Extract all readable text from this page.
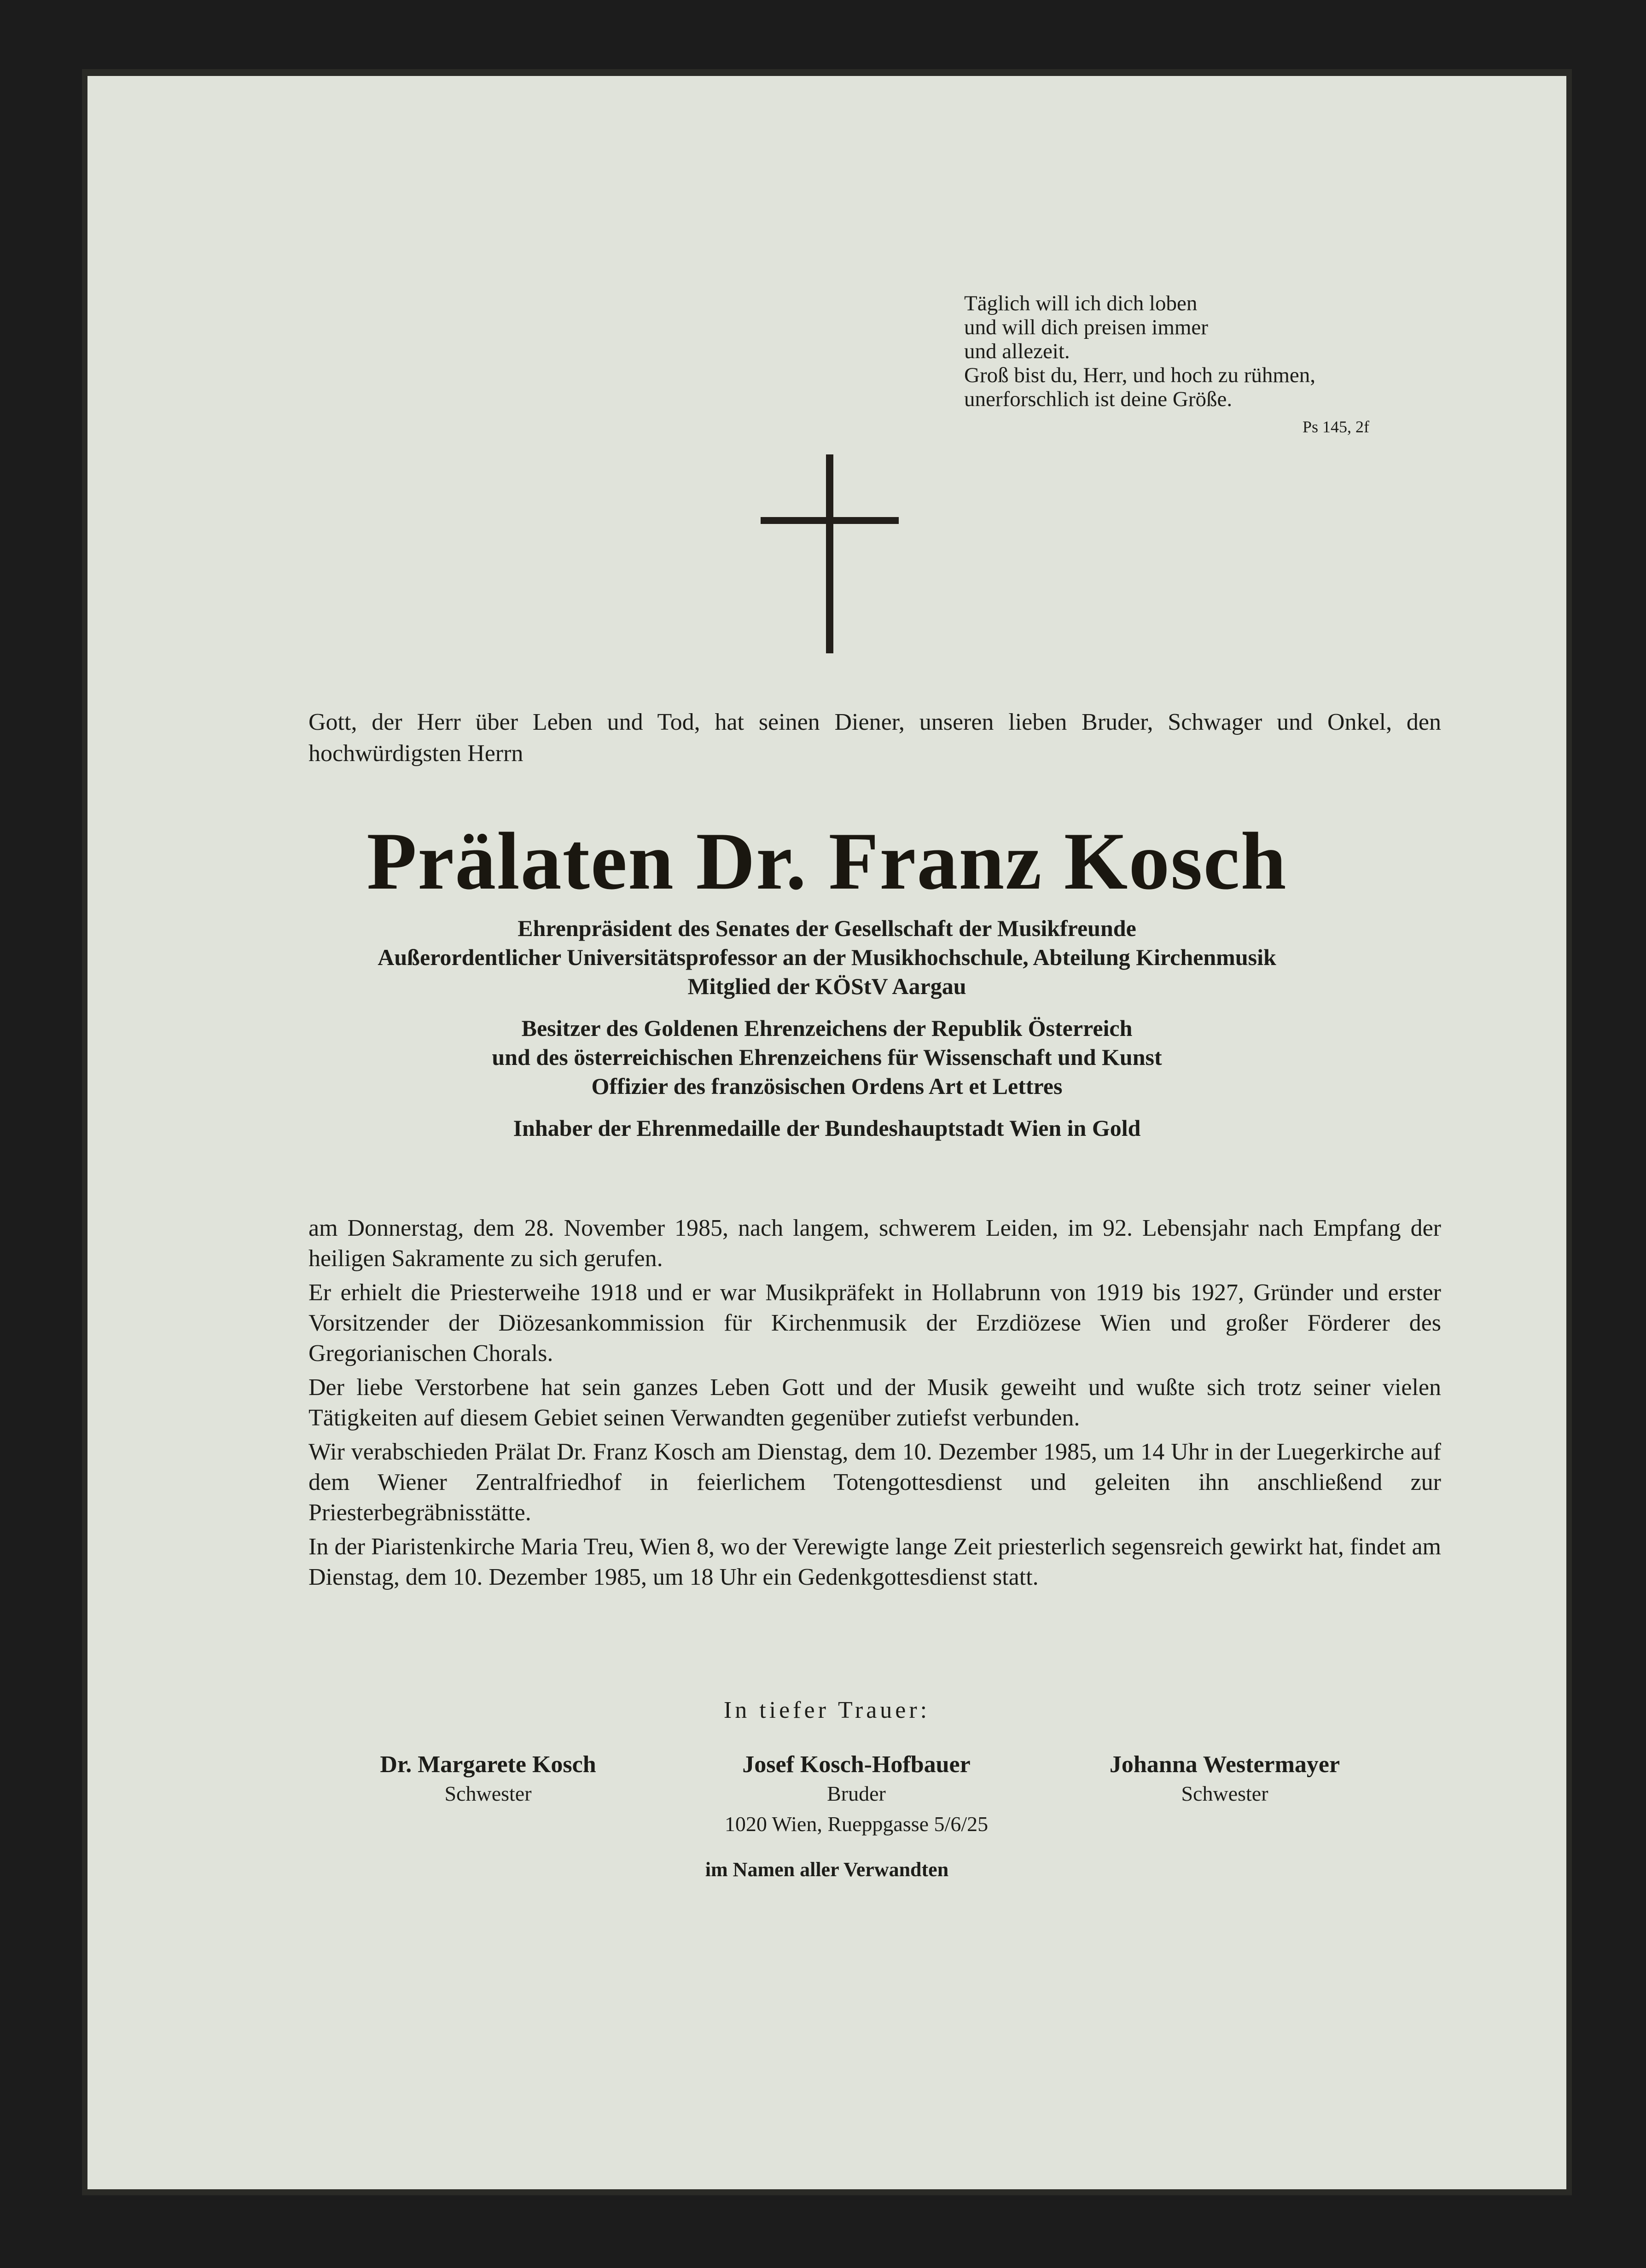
Täglich will ich dich loben
und will dich preisen immer
und allezeit.
Groß bist du, Herr, und hoch zu rühmen,
unerforschlich ist deine Größe.
Ps 145, 2f
Gott, der Herr über Leben und Tod, hat seinen Diener, unseren lieben Bruder, Schwager und Onkel, den hochwürdigsten Herrn
Prälaten Dr. Franz Kosch
Ehrenpräsident des Senates der Gesellschaft der Musikfreunde
Außerordentlicher Universitätsprofessor an der Musikhochschule, Abteilung Kirchenmusik
Mitglied der KÖStV Aargau
Besitzer des Goldenen Ehrenzeichens der Republik Österreich
und des österreichischen Ehrenzeichens für Wissenschaft und Kunst
Offizier des französischen Ordens Art et Lettres
Inhaber der Ehrenmedaille der Bundeshauptstadt Wien in Gold

am Donnerstag, dem 28. November 1985, nach langem, schwerem Leiden, im 92. Lebensjahr nach Empfang der heiligen Sakramente zu sich gerufen.

Er erhielt die Priesterweihe 1918 und er war Musikpräfekt in Hollabrunn von 1919 bis 1927, Gründer und erster Vorsitzender der Diözesankommission für Kirchenmusik der Erzdiözese Wien und großer Förderer des Gregorianischen Chorals.

Der liebe Verstorbene hat sein ganzes Leben Gott und der Musik geweiht und wußte sich trotz seiner vielen Tätigkeiten auf diesem Gebiet seinen Verwandten gegenüber zutiefst verbunden.

Wir verabschieden Prälat Dr. Franz Kosch am Dienstag, dem 10. Dezember 1985, um 14 Uhr in der Luegerkirche auf dem Wiener Zentralfriedhof in feierlichem Totengottesdienst und geleiten ihn anschließend zur Priesterbegräbnisstätte.

In der Piaristenkirche Maria Treu, Wien 8, wo der Verewigte lange Zeit priesterlich segensreich gewirkt hat, findet am Dienstag, dem 10. Dezember 1985, um 18 Uhr ein Gedenkgottesdienst statt.

In tiefer Trauer:
Dr. Margarete Kosch
Schwester
Josef Kosch-Hofbauer
Bruder
1020 Wien, Rueppgasse 5/6/25
Johanna Westermayer
Schwester
im Namen aller Verwandten
